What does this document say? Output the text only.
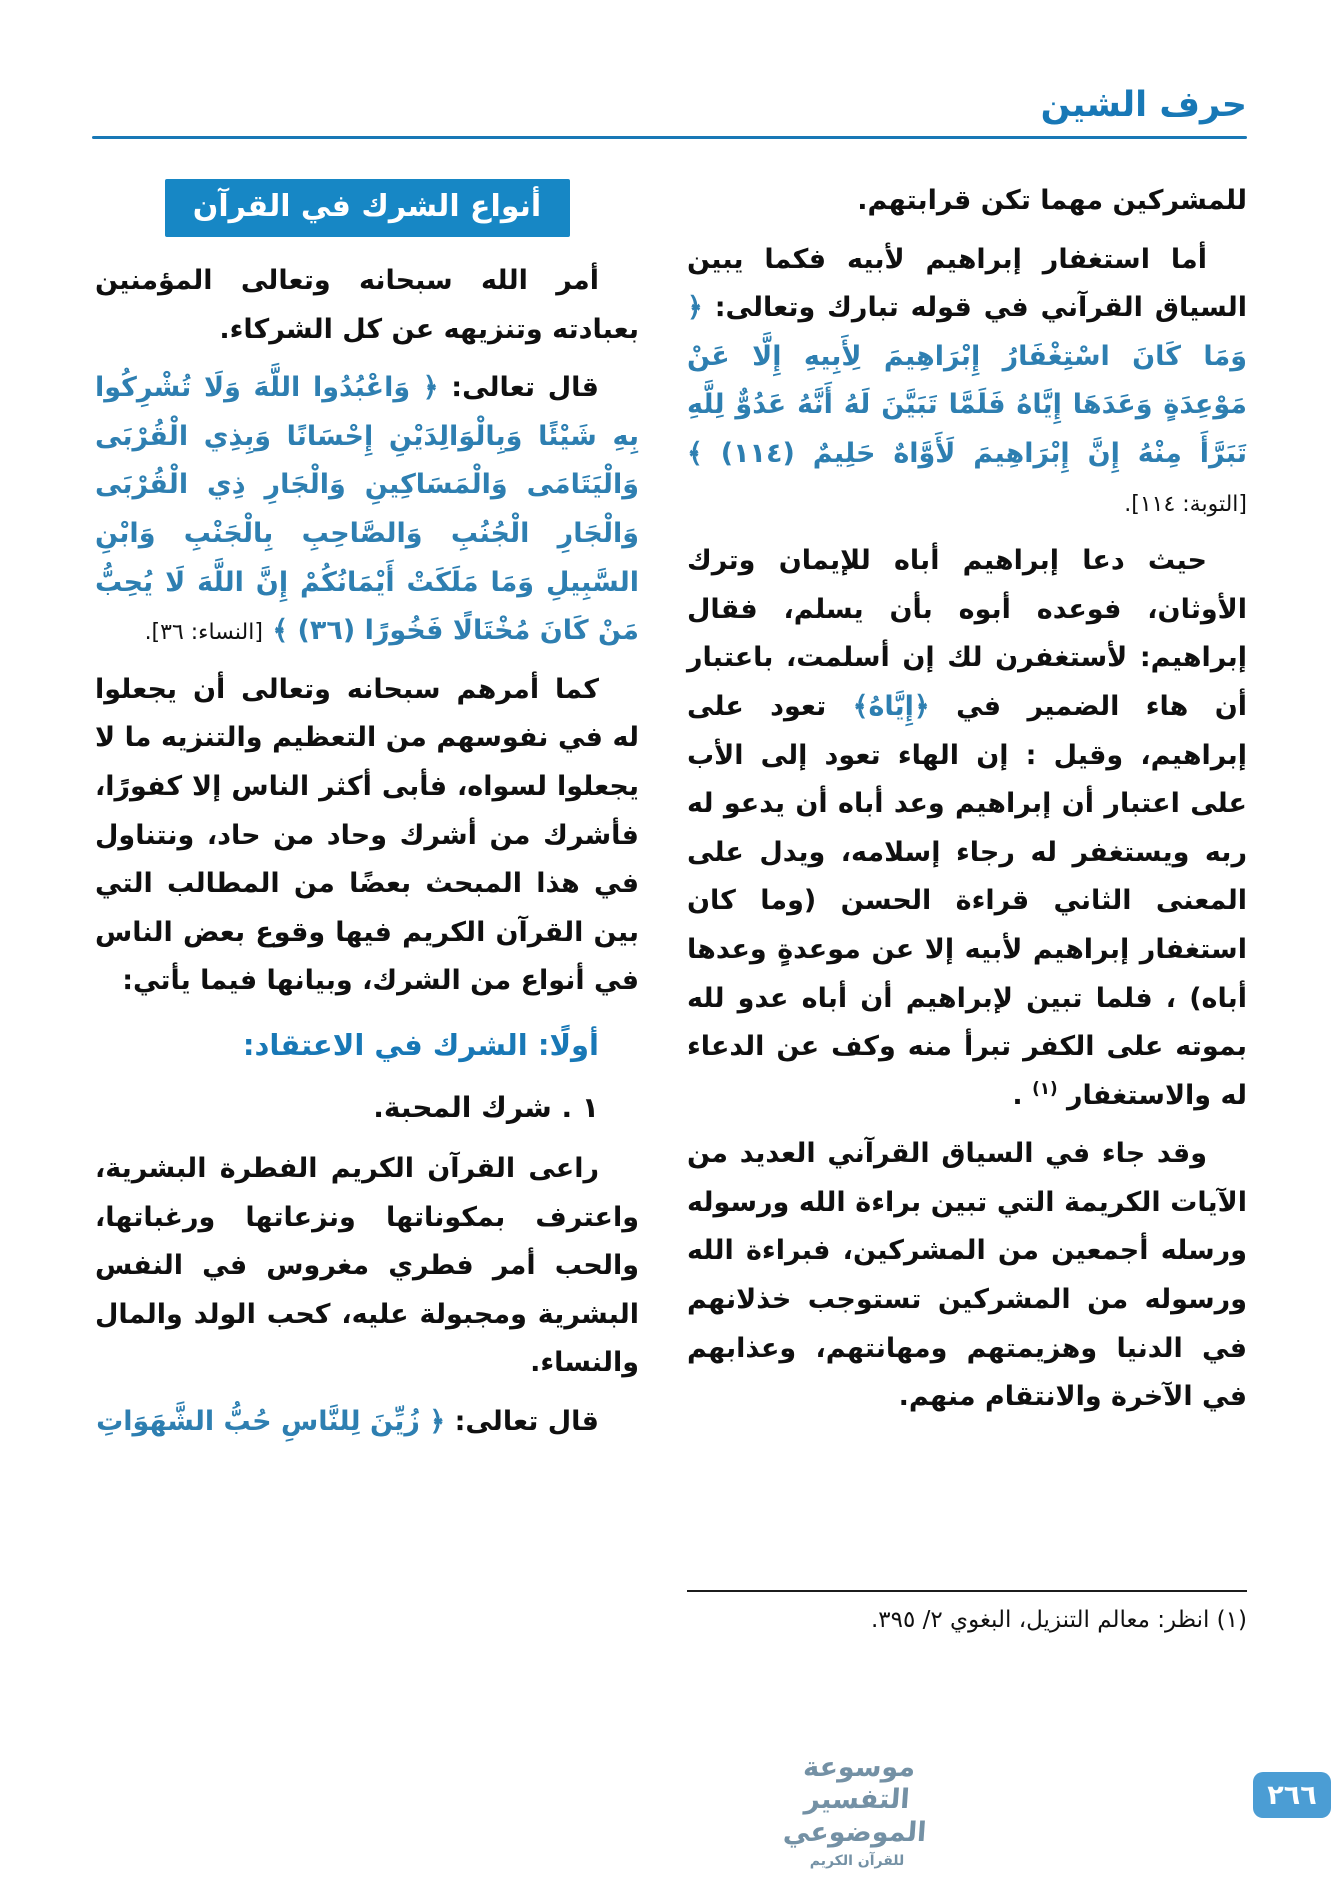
حرف الشين

للمشركين مهما تكن قرابتهم.

أما استغفار إبراهيم لأبيه فكما يبين السياق القرآني في قوله تبارك وتعالى: ﴿ وَمَا كَانَ اسْتِغْفَارُ إِبْرَاهِيمَ لِأَبِيهِ إِلَّا عَنْ مَوْعِدَةٍ وَعَدَهَا إِيَّاهُ فَلَمَّا تَبَيَّنَ لَهُ أَنَّهُ عَدُوٌّ لِلَّهِ تَبَرَّأَ مِنْهُ إِنَّ إِبْرَاهِيمَ لَأَوَّاهٌ حَلِيمٌ (١١٤) ﴾ [التوبة: ١١٤].

حيث دعا إبراهيم أباه للإيمان وترك الأوثان، فوعده أبوه بأن يسلم، فقال إبراهيم: لأستغفرن لك إن أسلمت، باعتبار أن هاء الضمير في ﴿إِيَّاهُ﴾ تعود على إبراهيم، وقيل : إن الهاء تعود إلى الأب على اعتبار أن إبراهيم وعد أباه أن يدعو له ربه ويستغفر له رجاء إسلامه، ويدل على المعنى الثاني قراءة الحسن (وما كان استغفار إبراهيم لأبيه إلا عن موعدةٍ وعدها أباه) ، فلما تبين لإبراهيم أن أباه عدو لله بموته على الكفر تبرأ منه وكف عن الدعاء له والاستغفار $^{(١)}$ .

وقد جاء في السياق القرآني العديد من الآيات الكريمة التي تبين براءة الله ورسوله ورسله أجمعين من المشركين، فبراءة الله ورسوله من المشركين تستوجب خذلانهم في الدنيا وهزيمتهم ومهانتهم، وعذابهم في الآخرة والانتقام منهم.

(١) انظر: معالم التنزيل، البغوي ٢/ ٣٩٥.

أنواع الشرك في القرآن

أمر الله سبحانه وتعالى المؤمنين بعبادته وتنزيهه عن كل الشركاء.

قال تعالى: ﴿ وَاعْبُدُوا اللَّهَ وَلَا تُشْرِكُوا بِهِ شَيْئًا وَبِالْوَالِدَيْنِ إِحْسَانًا وَبِذِي الْقُرْبَى وَالْيَتَامَى وَالْمَسَاكِينِ وَالْجَارِ ذِي الْقُرْبَى وَالْجَارِ الْجُنُبِ وَالصَّاحِبِ بِالْجَنْبِ وَابْنِ السَّبِيلِ وَمَا مَلَكَتْ أَيْمَانُكُمْ إِنَّ اللَّهَ لَا يُحِبُّ مَنْ كَانَ مُخْتَالًا فَخُورًا (٣٦) ﴾ [النساء: ٣٦].

كما أمرهم سبحانه وتعالى أن يجعلوا له في نفوسهم من التعظيم والتنزيه ما لا يجعلوا لسواه، فأبى أكثر الناس إلا كفورًا، فأشرك من أشرك وحاد من حاد، ونتناول في هذا المبحث بعضًا من المطالب التي بين القرآن الكريم فيها وقوع بعض الناس في أنواع من الشرك، وبيانها فيما يأتي:

أولًا: الشرك في الاعتقاد:

١ . شرك المحبة.

راعى القرآن الكريم الفطرة البشرية، واعترف بمكوناتها ونزعاتها ورغباتها، والحب أمر فطري مغروس في النفس البشرية ومجبولة عليه، كحب الولد والمال والنساء.

قال تعالى: ﴿ زُيِّنَ لِلنَّاسِ حُبُّ الشَّهَوَاتِ

موسوعة التفسير الموضوعي
للقرآن الكريم
٢٦٦
